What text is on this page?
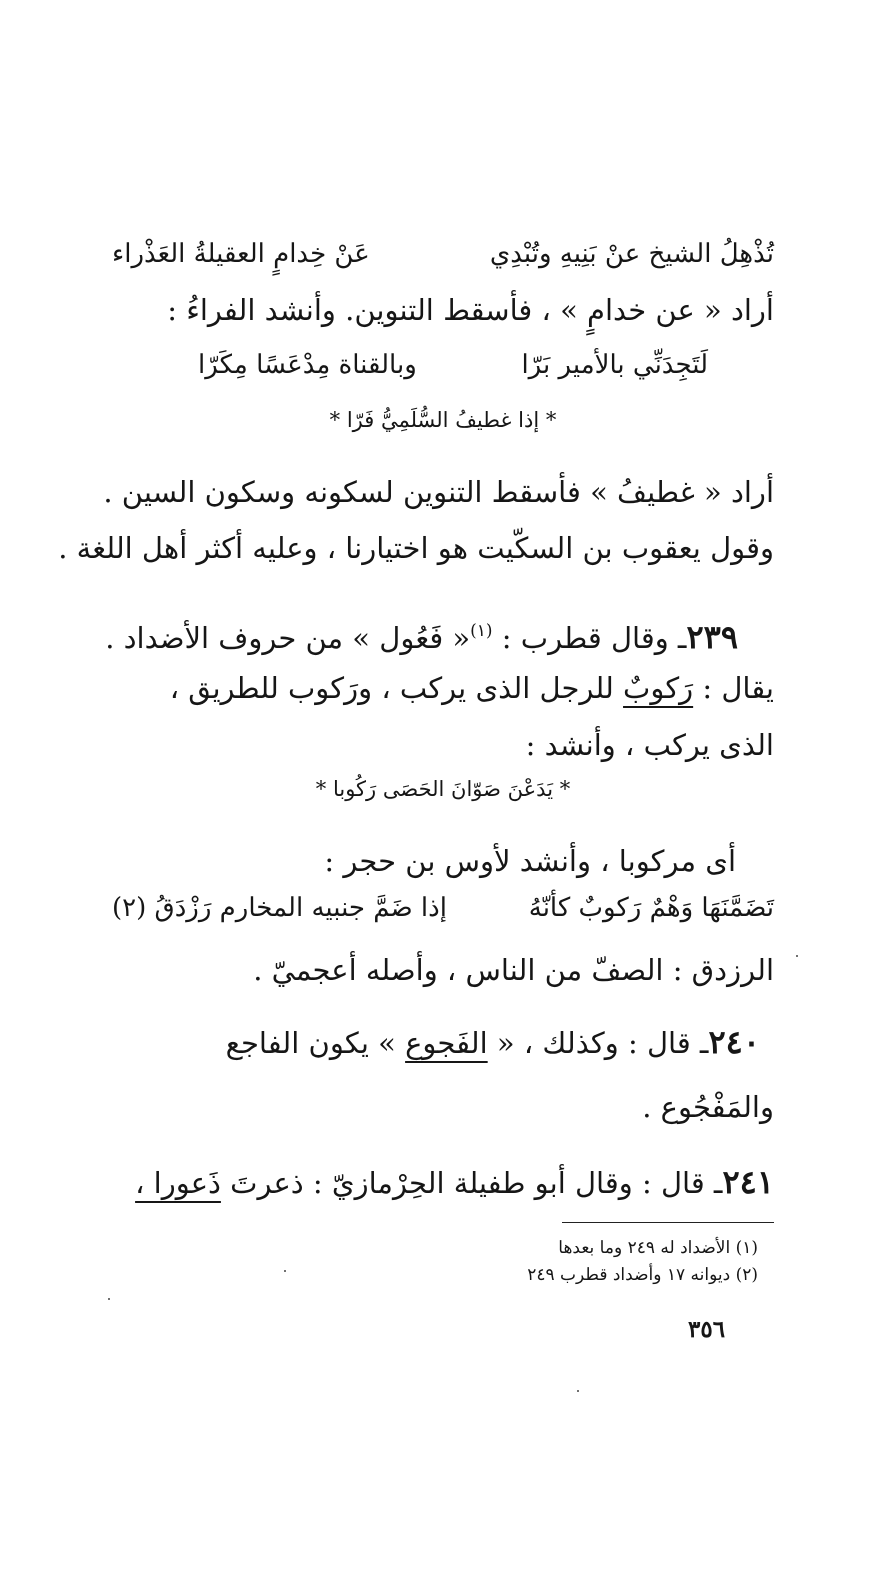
تُذْهِلُ الشيخ عنْ بَنِيهِ وتُبْدِي
عَنْ خِدامٍ العقيلةُ العَذْراء
أراد « عن خدامٍ » ، فأسقط التنوين. وأنشد الفراءُ :
لَتَجِدَنِّي بالأمير بَرّا
وبالقناة مِدْعَسًا مِكَرّا
* إذا غطيفُ السُّلَمِيُّ فَرّا *
أراد « غطيفُ » فأسقط التنوين لسكونه وسكون السين .
وقول يعقوب بن السكّيت هو اختيارنا ، وعليه أكثر أهل اللغة .
٢٣٩ـ وقال قطرب : $^{(١)}$« فَعُول » من حروف الأضداد .
يقال : رَكوبٌ للرجل الذى يركب ، ورَكوب للطريق ،
الذى يركب ، وأنشد :
* يَدَعْنَ صَوّانَ الحَصَى رَكُوبا *
أى مركوبا ، وأنشد لأوس بن حجر :
تَضَمَّنَهَا وَهْمٌ رَكوبٌ كأنّهُ
إذا ضَمَّ جنبيه المخارم رَزْدَقُ (٢)
الرزدق : الصفّ من الناس ، وأصله أعجميّ .
٢٤٠ـ قال : وكذلك ، « الفَجوع » يكون الفاجع
والمَفْجُوع .
٢٤١ـ قال : وقال أبو طفيلة الحِرْمازيّ : ذعرتَ ذَعورا ،
(١) الأضداد له ٢٤٩ وما بعدها
(٢) ديوانه ١٧ وأضداد قطرب ٢٤٩
٣٥٦
